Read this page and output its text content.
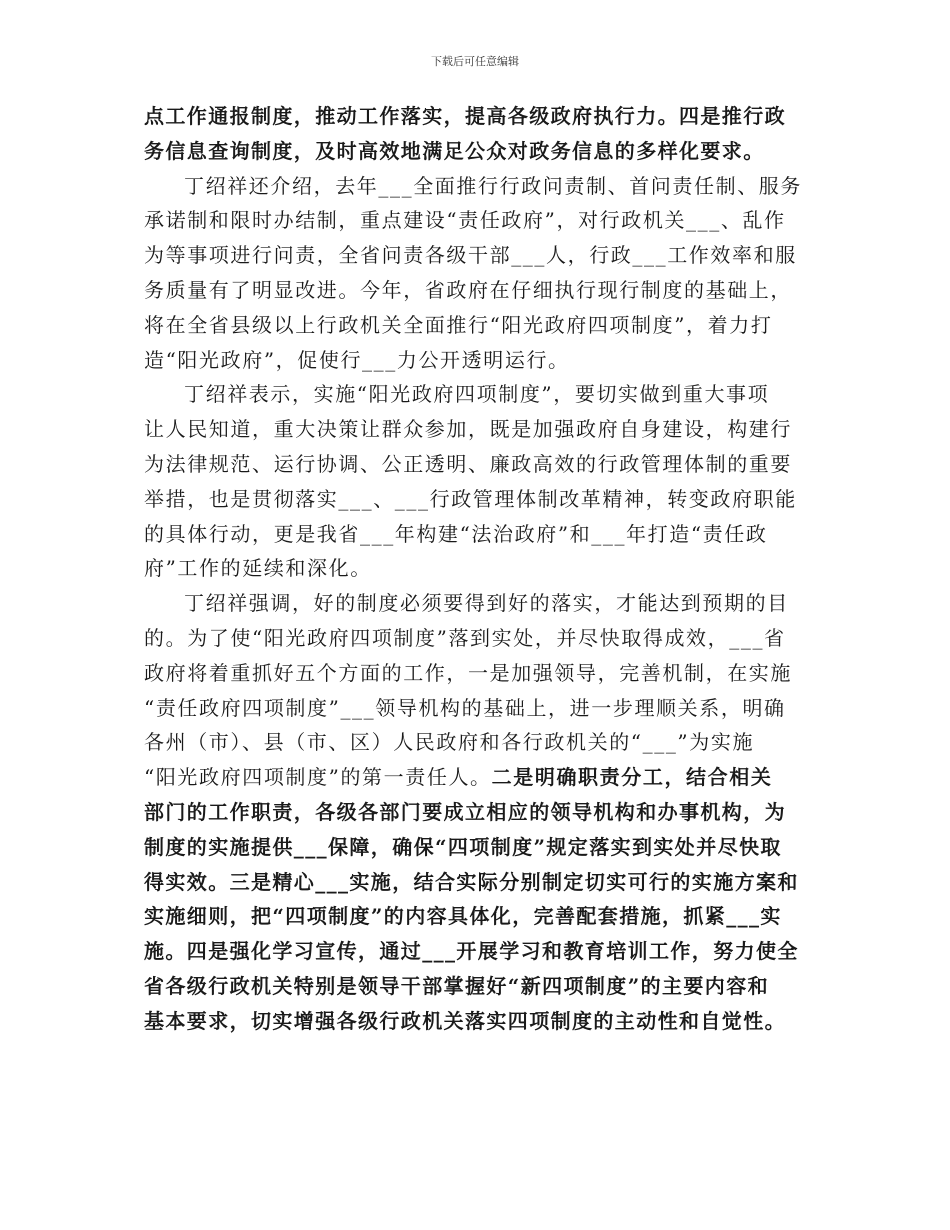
下载后可任意编辑
点工作通报制度，推动工作落实，提高各级政府执行力。四是推行政
务信息查询制度，及时高效地满足公众对政务信息的多样化要求。
丁绍祥还介绍，去年___全面推行行政问责制、首问责任制、服务
承诺制和限时办结制，重点建设“责任政府”，对行政机关___、乱作
为等事项进行问责，全省问责各级干部___人，行政___工作效率和服
务质量有了明显改进。今年，省政府在仔细执行现行制度的基础上，
将在全省县级以上行政机关全面推行“阳光政府四项制度”，着力打
造“阳光政府”，促使行___力公开透明运行。
丁绍祥表示，实施“阳光政府四项制度”，要切实做到重大事项
让人民知道，重大决策让群众参加，既是加强政府自身建设，构建行
为法律规范、运行协调、公正透明、廉政高效的行政管理体制的重要
举措，也是贯彻落实___、___行政管理体制改革精神，转变政府职能
的具体行动，更是我省___年构建“法治政府”和___年打造“责任政
府”工作的延续和深化。
丁绍祥强调，好的制度必须要得到好的落实，才能达到预期的目
的。为了使“阳光政府四项制度”落到实处，并尽快取得成效，___省
政府将着重抓好五个方面的工作，一是加强领导，完善机制，在实施
“责任政府四项制度”___领导机构的基础上，进一步理顺关系，明确
各州（市）、县（市、区）人民政府和各行政机关的“___”为实施
“阳光政府四项制度”的第一责任人。二是明确职责分工，结合相关
部门的工作职责，各级各部门要成立相应的领导机构和办事机构，为
制度的实施提供___保障，确保“四项制度”规定落实到实处并尽快取
得实效。三是精心___实施，结合实际分别制定切实可行的实施方案和
实施细则，把“四项制度”的内容具体化，完善配套措施，抓紧___实
施。四是强化学习宣传，通过___开展学习和教育培训工作，努力使全
省各级行政机关特别是领导干部掌握好“新四项制度”的主要内容和
基本要求，切实增强各级行政机关落实四项制度的主动性和自觉性。
